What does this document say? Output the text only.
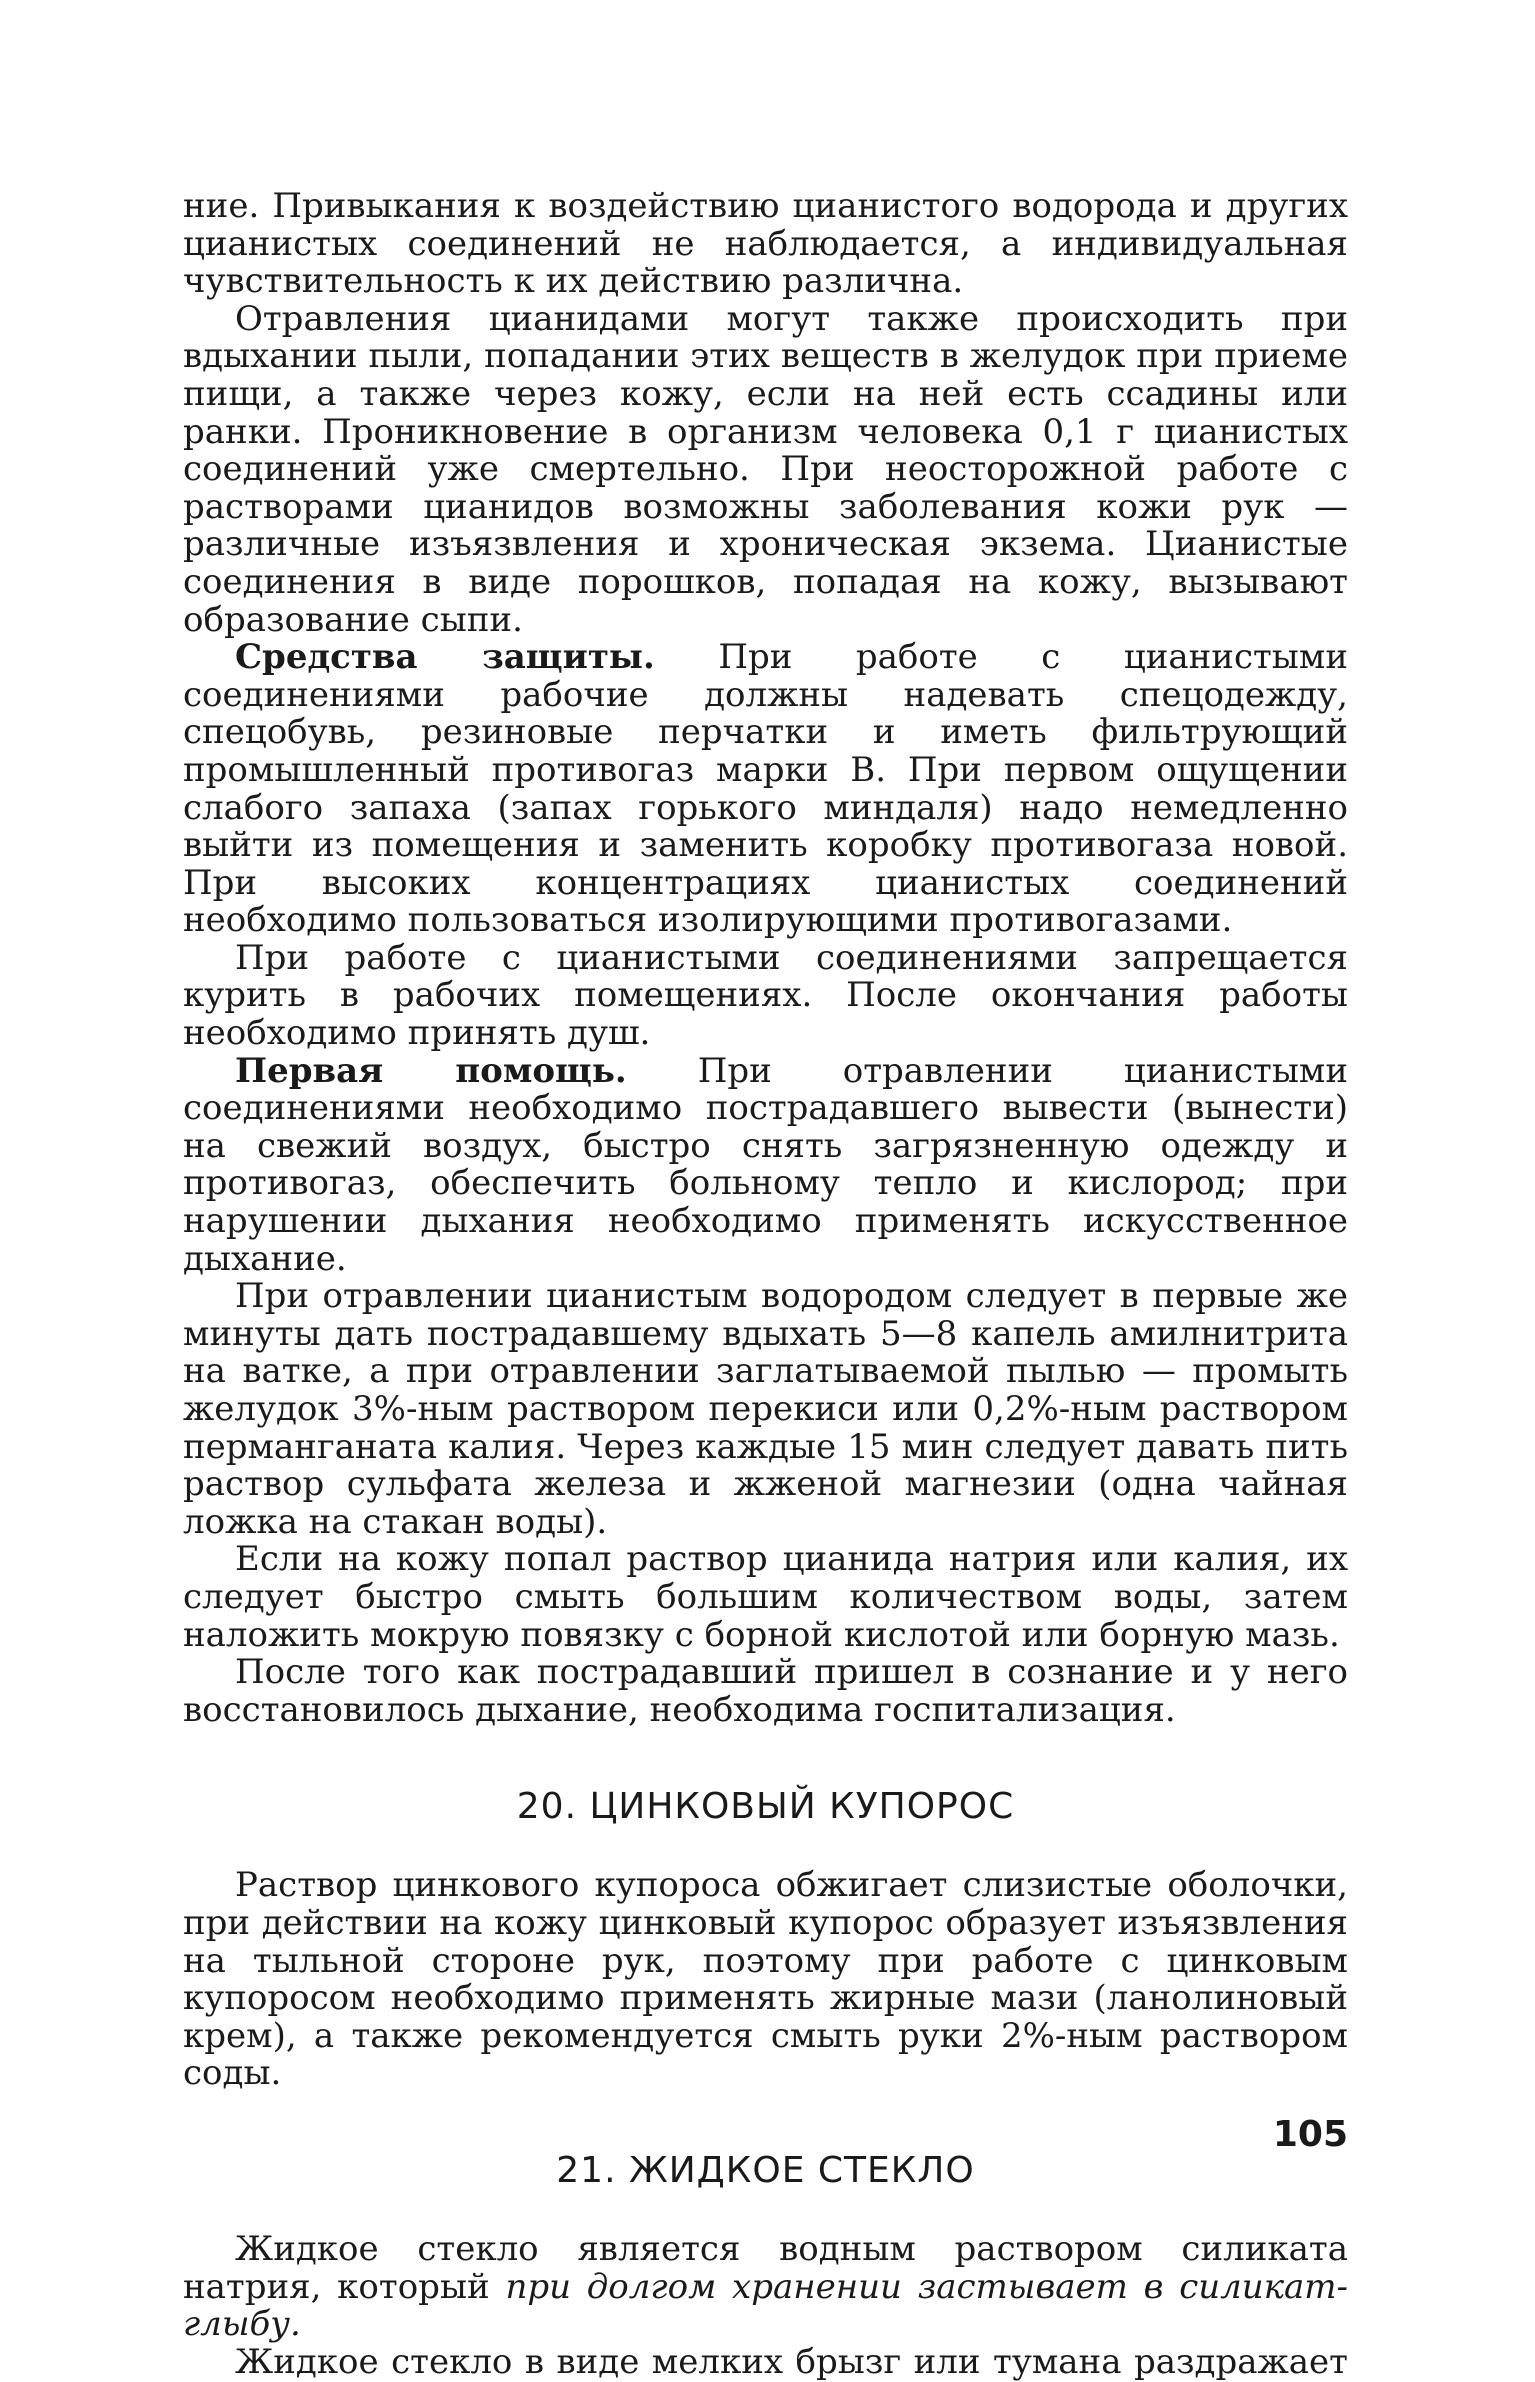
ние. Привыкания к воздействию цианистого водорода и других цианистых соединений не наблюдается, а индивидуальная чувствительность к их действию различна.

Отравления цианидами могут также происходить при вдыхании пыли, попадании этих веществ в желудок при приеме пищи, а также через кожу, если на ней есть ссадины или ранки. Проникновение в организм человека 0,1 г цианистых соединений уже смертельно. При неосторожной работе с растворами цианидов возможны заболевания кожи рук — различные изъязвления и хроническая экзема. Цианистые соединения в виде порошков, попадая на кожу, вызывают образование сыпи.

Средства защиты. При работе с цианистыми соединениями рабочие должны надевать спецодежду, спецобувь, резиновые перчатки и иметь фильтрующий промышленный противогаз марки В. При первом ощущении слабого запаха (запах горького миндаля) надо немедленно выйти из помещения и заменить коробку противогаза новой. При высоких концентрациях цианистых соединений необходимо пользоваться изолирующими противогазами.

При работе с цианистыми соединениями запрещается курить в рабочих помещениях. После окончания работы необходимо принять душ.

Первая помощь. При отравлении цианистыми соединениями необходимо пострадавшего вывести (вынести) на свежий воздух, быстро снять загрязненную одежду и противогаз, обеспечить больному тепло и кислород; при нарушении дыхания необходимо применять искусственное дыхание.

При отравлении цианистым водородом следует в первые же минуты дать пострадавшему вдыхать 5—8 капель амилнитрита на ватке, а при отравлении заглатываемой пылью — промыть желудок 3%-ным раствором перекиси или 0,2%-ным раствором перманганата калия. Через каждые 15 мин следует давать пить раствор сульфата железа и жженой магнезии (одна чайная ложка на стакан воды).

Если на кожу попал раствор цианида натрия или калия, их следует быстро смыть большим количеством воды, затем наложить мокрую повязку с борной кислотой или борную мазь.

После того как пострадавший пришел в сознание и у него восстановилось дыхание, необходима госпитализация.

20. ЦИНКОВЫЙ КУПОРОС

Раствор цинкового купороса обжигает слизистые оболочки, при действии на кожу цинковый купорос образует изъязвления на тыльной стороне рук, поэтому при работе с цинковым купоросом необходимо применять жирные мази (ланолиновый крем), а также рекомендуется смыть руки 2%-ным раствором соды.

21. ЖИДКОЕ СТЕКЛО

Жидкое стекло является водным раствором силиката натрия, который при долгом хранении застывает в силикат-глыбу.

Жидкое стекло в виде мелких брызг или тумана раздражает

105
